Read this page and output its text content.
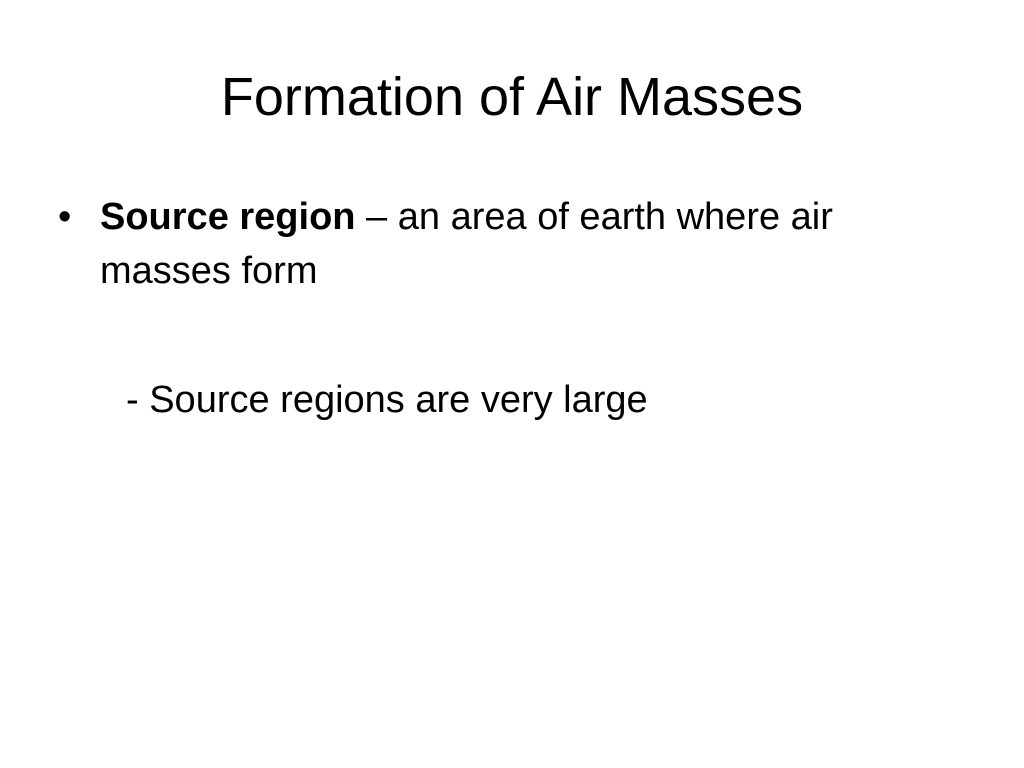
Formation of Air Masses
• Source region – an area of earth where air masses form
- Source regions are very large
